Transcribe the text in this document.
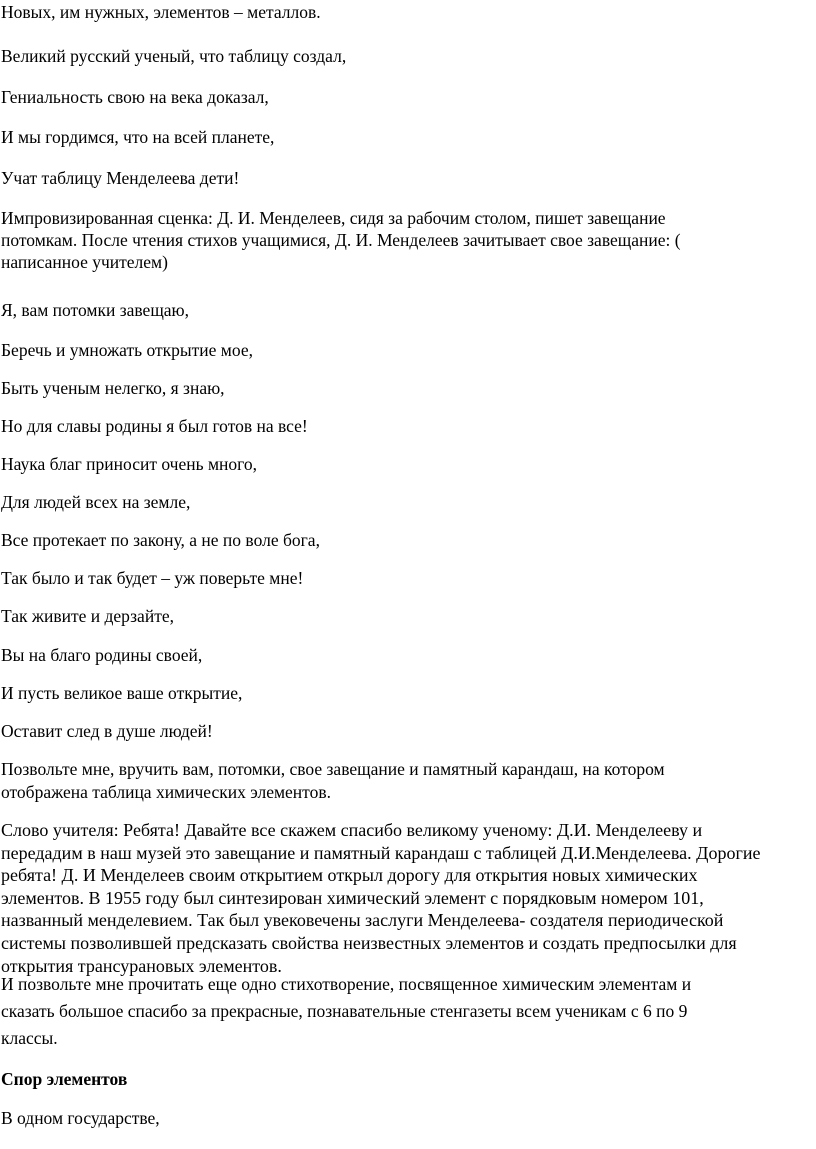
Новых, им нужных, элементов – металлов.
Великий русский ученый, что таблицу создал,
Гениальность свою на века доказал,
И мы гордимся, что на всей планете,
Учат таблицу Менделеева дети!
Импровизированная сценка: Д. И. Менделеев, сидя за рабочим столом, пишет завещание
потомкам. После чтения стихов учащимися, Д. И. Менделеев зачитывает свое завещание: (
написанное учителем)
Я, вам потомки завещаю,
Беречь и умножать открытие мое,
Быть ученым нелегко, я знаю,
Но для славы родины я был готов на все!
Наука благ приносит очень много,
Для людей всех на земле,
Все протекает по закону, а не по воле бога,
Так было и так будет – уж поверьте мне!
Так живите и дерзайте,
Вы на благо родины своей,
И пусть великое ваше открытие,
Оставит след в душе людей!
Позвольте мне, вручить вам, потомки, свое завещание и памятный карандаш, на котором
отображена таблица химических элементов.
Слово учителя: Ребята! Давайте все скажем спасибо великому ученому: Д.И. Менделееву и
передадим в наш музей это завещание и памятный карандаш с таблицей Д.И.Менделеева. Дорогие
ребята! Д. И Менделеев своим открытием открыл дорогу для открытия новых химических
элементов. В 1955 году был синтезирован химический элемент с порядковым номером 101,
названный менделевием. Так был увековечены заслуги Менделеева- создателя периодической
системы позволившей предсказать свойства неизвестных элементов и создать предпосылки для
открытия трансурановых элементов.
И позвольте мне прочитать еще одно стихотворение, посвященное химическим элементам и
сказать большое спасибо за прекрасные, познавательные стенгазеты всем ученикам с 6 по 9
классы.
Спор элементов
В одном государстве,
